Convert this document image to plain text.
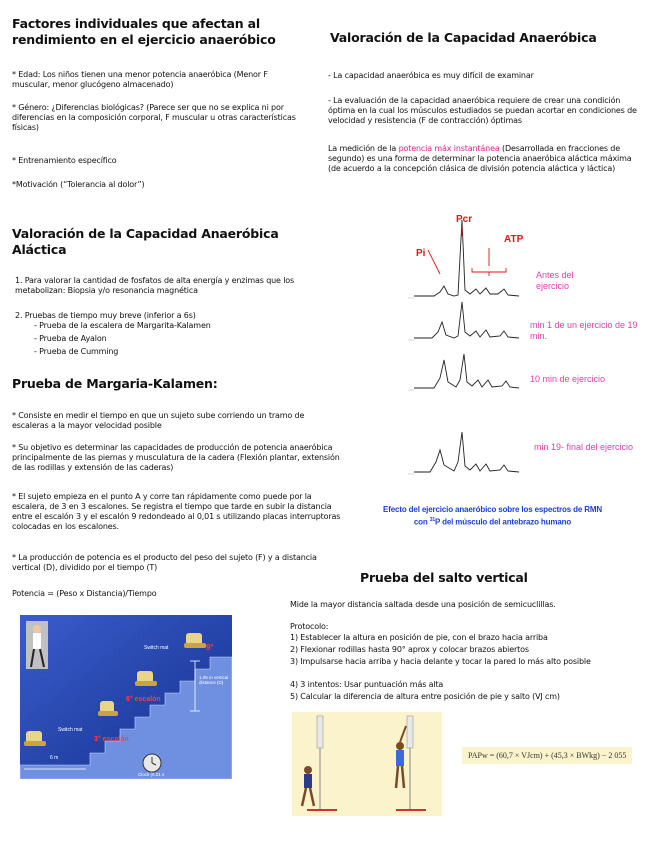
Factores individuales que afectan al rendimiento en el ejercicio anaeróbico
* Edad: Los niños tienen una menor potencia anaeróbica (Menor F muscular, menor glucógeno almacenado)
* Género: ¿Diferencias biológicas? (Parece ser que no se explica ni por diferencias en la composición corporal, F muscular u otras características físicas)
* Entrenamiento específico
*Motivación (“Tolerancia al dolor”)
Valoración de la Capacidad Anaeróbica Aláctica
1. Para valorar la cantidad de fosfatos de alta energía y enzimas que los metabolizan: Biopsia y/o resonancia magnética
2. Pruebas de tiempo muy breve (inferior a 6s)
- Prueba de la escalera de Margarita-Kalamen
- Prueba de Ayalon
- Prueba de Cumming
Prueba de Margaria-Kalamen:
* Consiste en medir el tiempo en que un sujeto sube corriendo un tramo de escaleras a la mayor velocidad posible
* Su objetivo es determinar las capacidades de producción de potencia anaeróbica principalmente de las piernas y musculatura de la cadera (Flexión plantar, extensión de las rodillas y extensión de las caderas)
* El sujeto empieza en el punto A y corre tan rápidamente como puede por la escalera, de 3 en 3 escalones. Se registra el tiempo que tarde en subir la distancia entre el escalón 3 y el escalón 9 redondeado al 0,01 s utilizando placas interruptoras colocadas en los escalones.
* La producción de potencia es el producto del peso del sujeto (F) y a distancia vertical (D), dividido por el tiempo (T)
Potencia = (Peso x Distancia)/Tiempo
9°
6° escalón
3° escalón
Switch mat
Switch mat
1.05 m vertical distance (D)
6 m
Clock (0.01 s
Valoración de la Capacidad Anaeróbica
- La capacidad anaeróbica es muy difícil de examinar
- La evaluación de la capacidad anaeróbica requiere de crear una condición óptima en la cual los músculos estudiados se puedan acortar en condiciones de velocidad y resistencia (F de contracción) óptimas
La medición de la potencia máx instantánea (Desarrollada en fracciones de segundo) es una forma de determinar la potencia anaeróbica aláctica máxima (de acuerdo a la concepción clásica de división potencia aláctica y láctica)
Pcr
Pi
ATP
Antes del ejercicio
min 1 de un ejercicio de 19 min.
10 min de ejercicio
min 19- final del ejercicio
Efecto del ejercicio anaeróbico sobre los espectros de RMN con $^{31}$P del músculo del antebrazo humano
Prueba del salto vertical
Mide la mayor distancia saltada desde una posición de semicuclillas.
Protocolo:
1) Establecer la altura en posición de pie, con el brazo hacia arriba
2) Flexionar rodillas hasta 90° aprox y colocar brazos abiertos
3) Impulsarse hacia arriba y hacia delante y tocar la pared lo más alto posible
4) 3 intentos: Usar puntuación más alta
5) Calcular la diferencia de altura entre posición de pie y salto (VJ cm)
PAPw = (60,7 × VJcm) + (45,3 × BWkg) − 2 055
